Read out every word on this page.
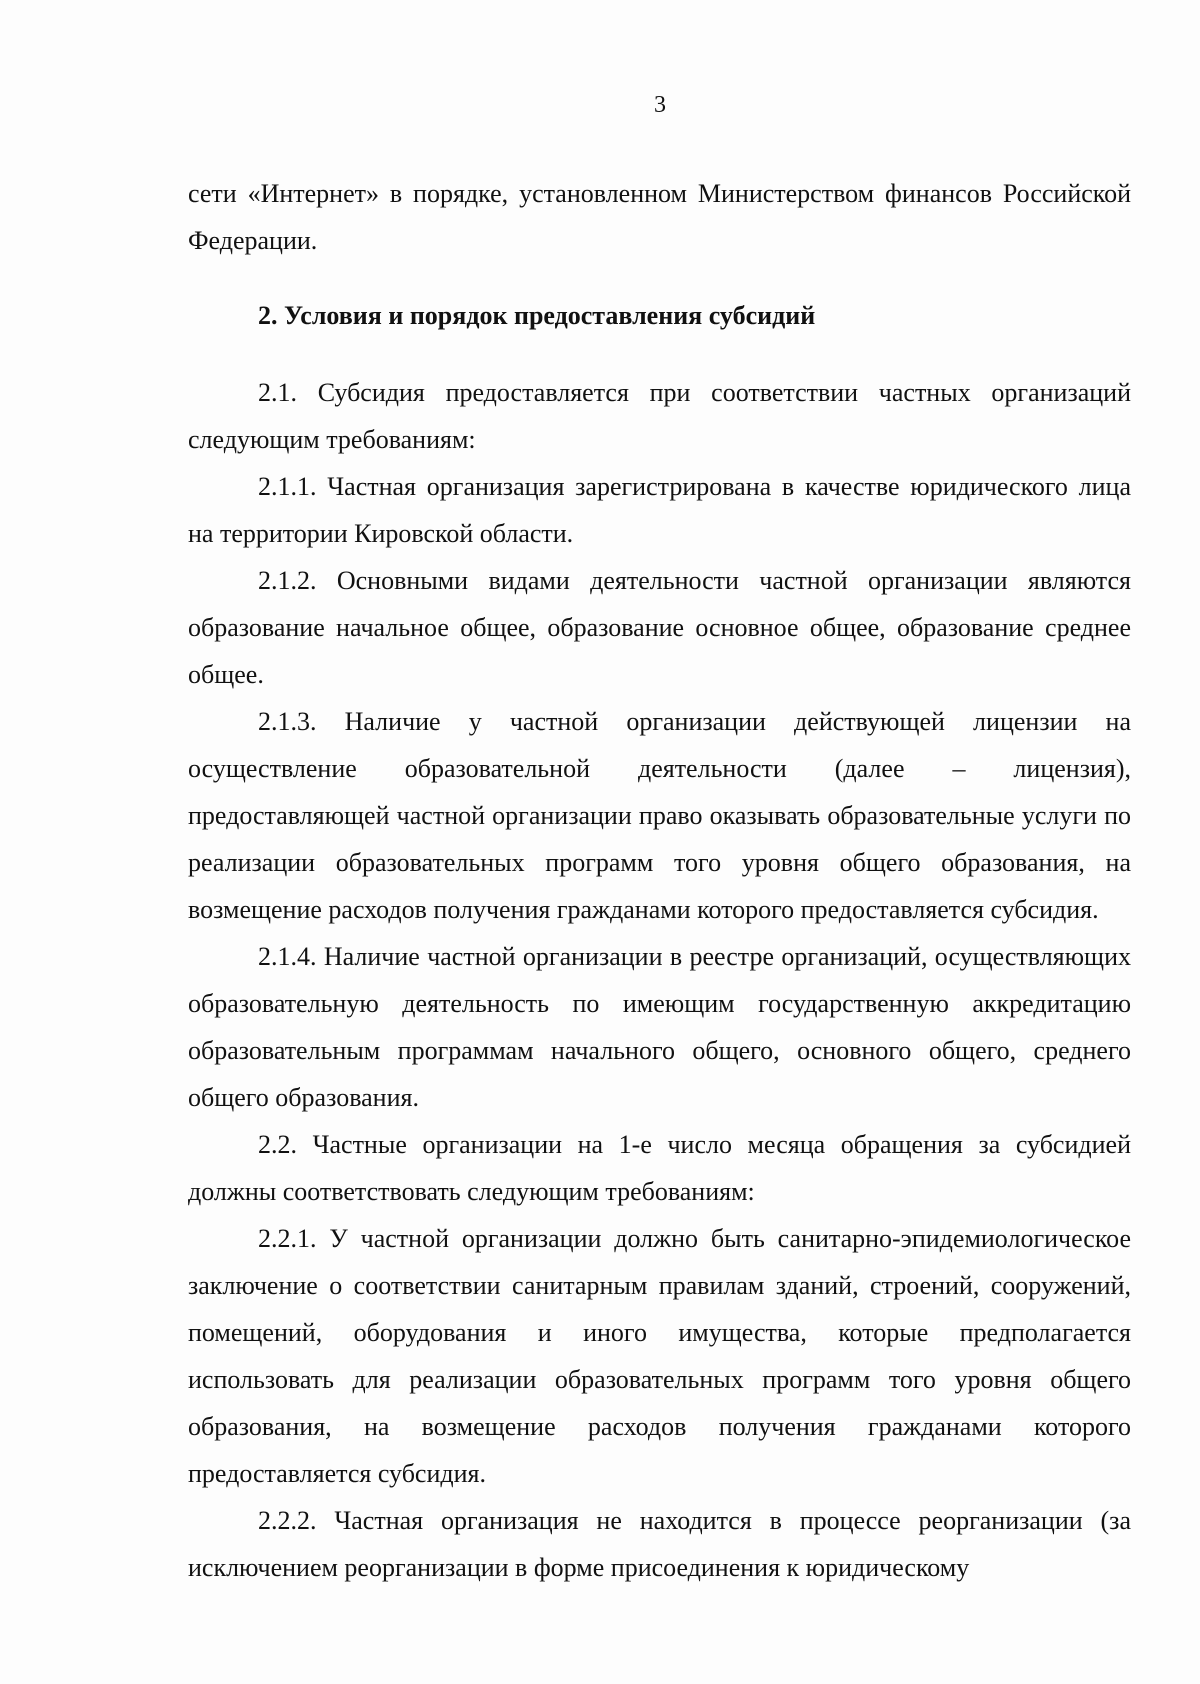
3

сети «Интернет» в порядке, установленном Министерством финансов Российской Федерации.

2. Условия и порядок предоставления субсидий

2.1. Субсидия предоставляется при соответствии частных организаций следующим требованиям:

2.1.1. Частная организация зарегистрирована в качестве юридического лица на территории Кировской области.

2.1.2. Основными видами деятельности частной организации являются образование начальное общее, образование основное общее, образование среднее общее.

2.1.3. Наличие у частной организации действующей лицензии на осуществление образовательной деятельности (далее – лицензия), предоставляющей частной организации право оказывать образовательные услуги по реализации образовательных программ того уровня общего образования, на возмещение расходов получения гражданами которого предоставляется субсидия.

2.1.4. Наличие частной организации в реестре организаций, осуществляющих образовательную деятельность по имеющим государственную аккредитацию образовательным программам начального общего, основного общего, среднего общего образования.

2.2. Частные организации на 1-е число месяца обращения за субсидией должны соответствовать следующим требованиям:

2.2.1. У частной организации должно быть санитарно-эпидемиологическое заключение о соответствии санитарным правилам зданий, строений, сооружений, помещений, оборудования и иного имущества, которые предполагается использовать для реализации образовательных программ того уровня общего образования, на возмещение расходов получения гражданами которого предоставляется субсидия.

2.2.2. Частная организация не находится в процессе реорганизации (за исключением реорганизации в форме присоединения к юридическому
